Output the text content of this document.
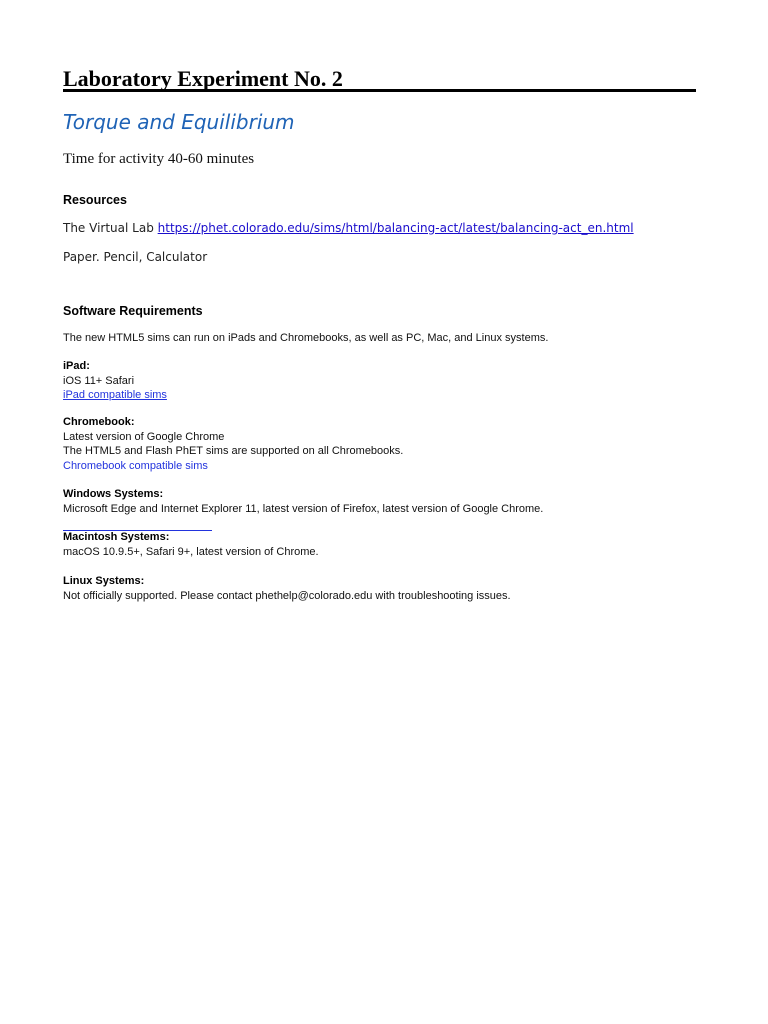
Laboratory Experiment No. 2
Torque and Equilibrium
Time for activity 40-60 minutes
Resources
The Virtual Lab https://phet.colorado.edu/sims/html/balancing-act/latest/balancing-act_en.html
Paper. Pencil, Calculator
Software Requirements
The new HTML5 sims can run on iPads and Chromebooks, as well as PC, Mac, and Linux systems.
iPad:
iOS 11+ Safari
iPad compatible sims
Chromebook:
Latest version of Google Chrome
The HTML5 and Flash PhET sims are supported on all Chromebooks.
Chromebook compatible sims
Windows Systems:
Microsoft Edge and Internet Explorer 11, latest version of Firefox, latest version of Google Chrome.
Macintosh Systems:
macOS 10.9.5+, Safari 9+, latest version of Chrome.
Linux Systems:
Not officially supported. Please contact phethelp@colorado.edu with troubleshooting issues.
